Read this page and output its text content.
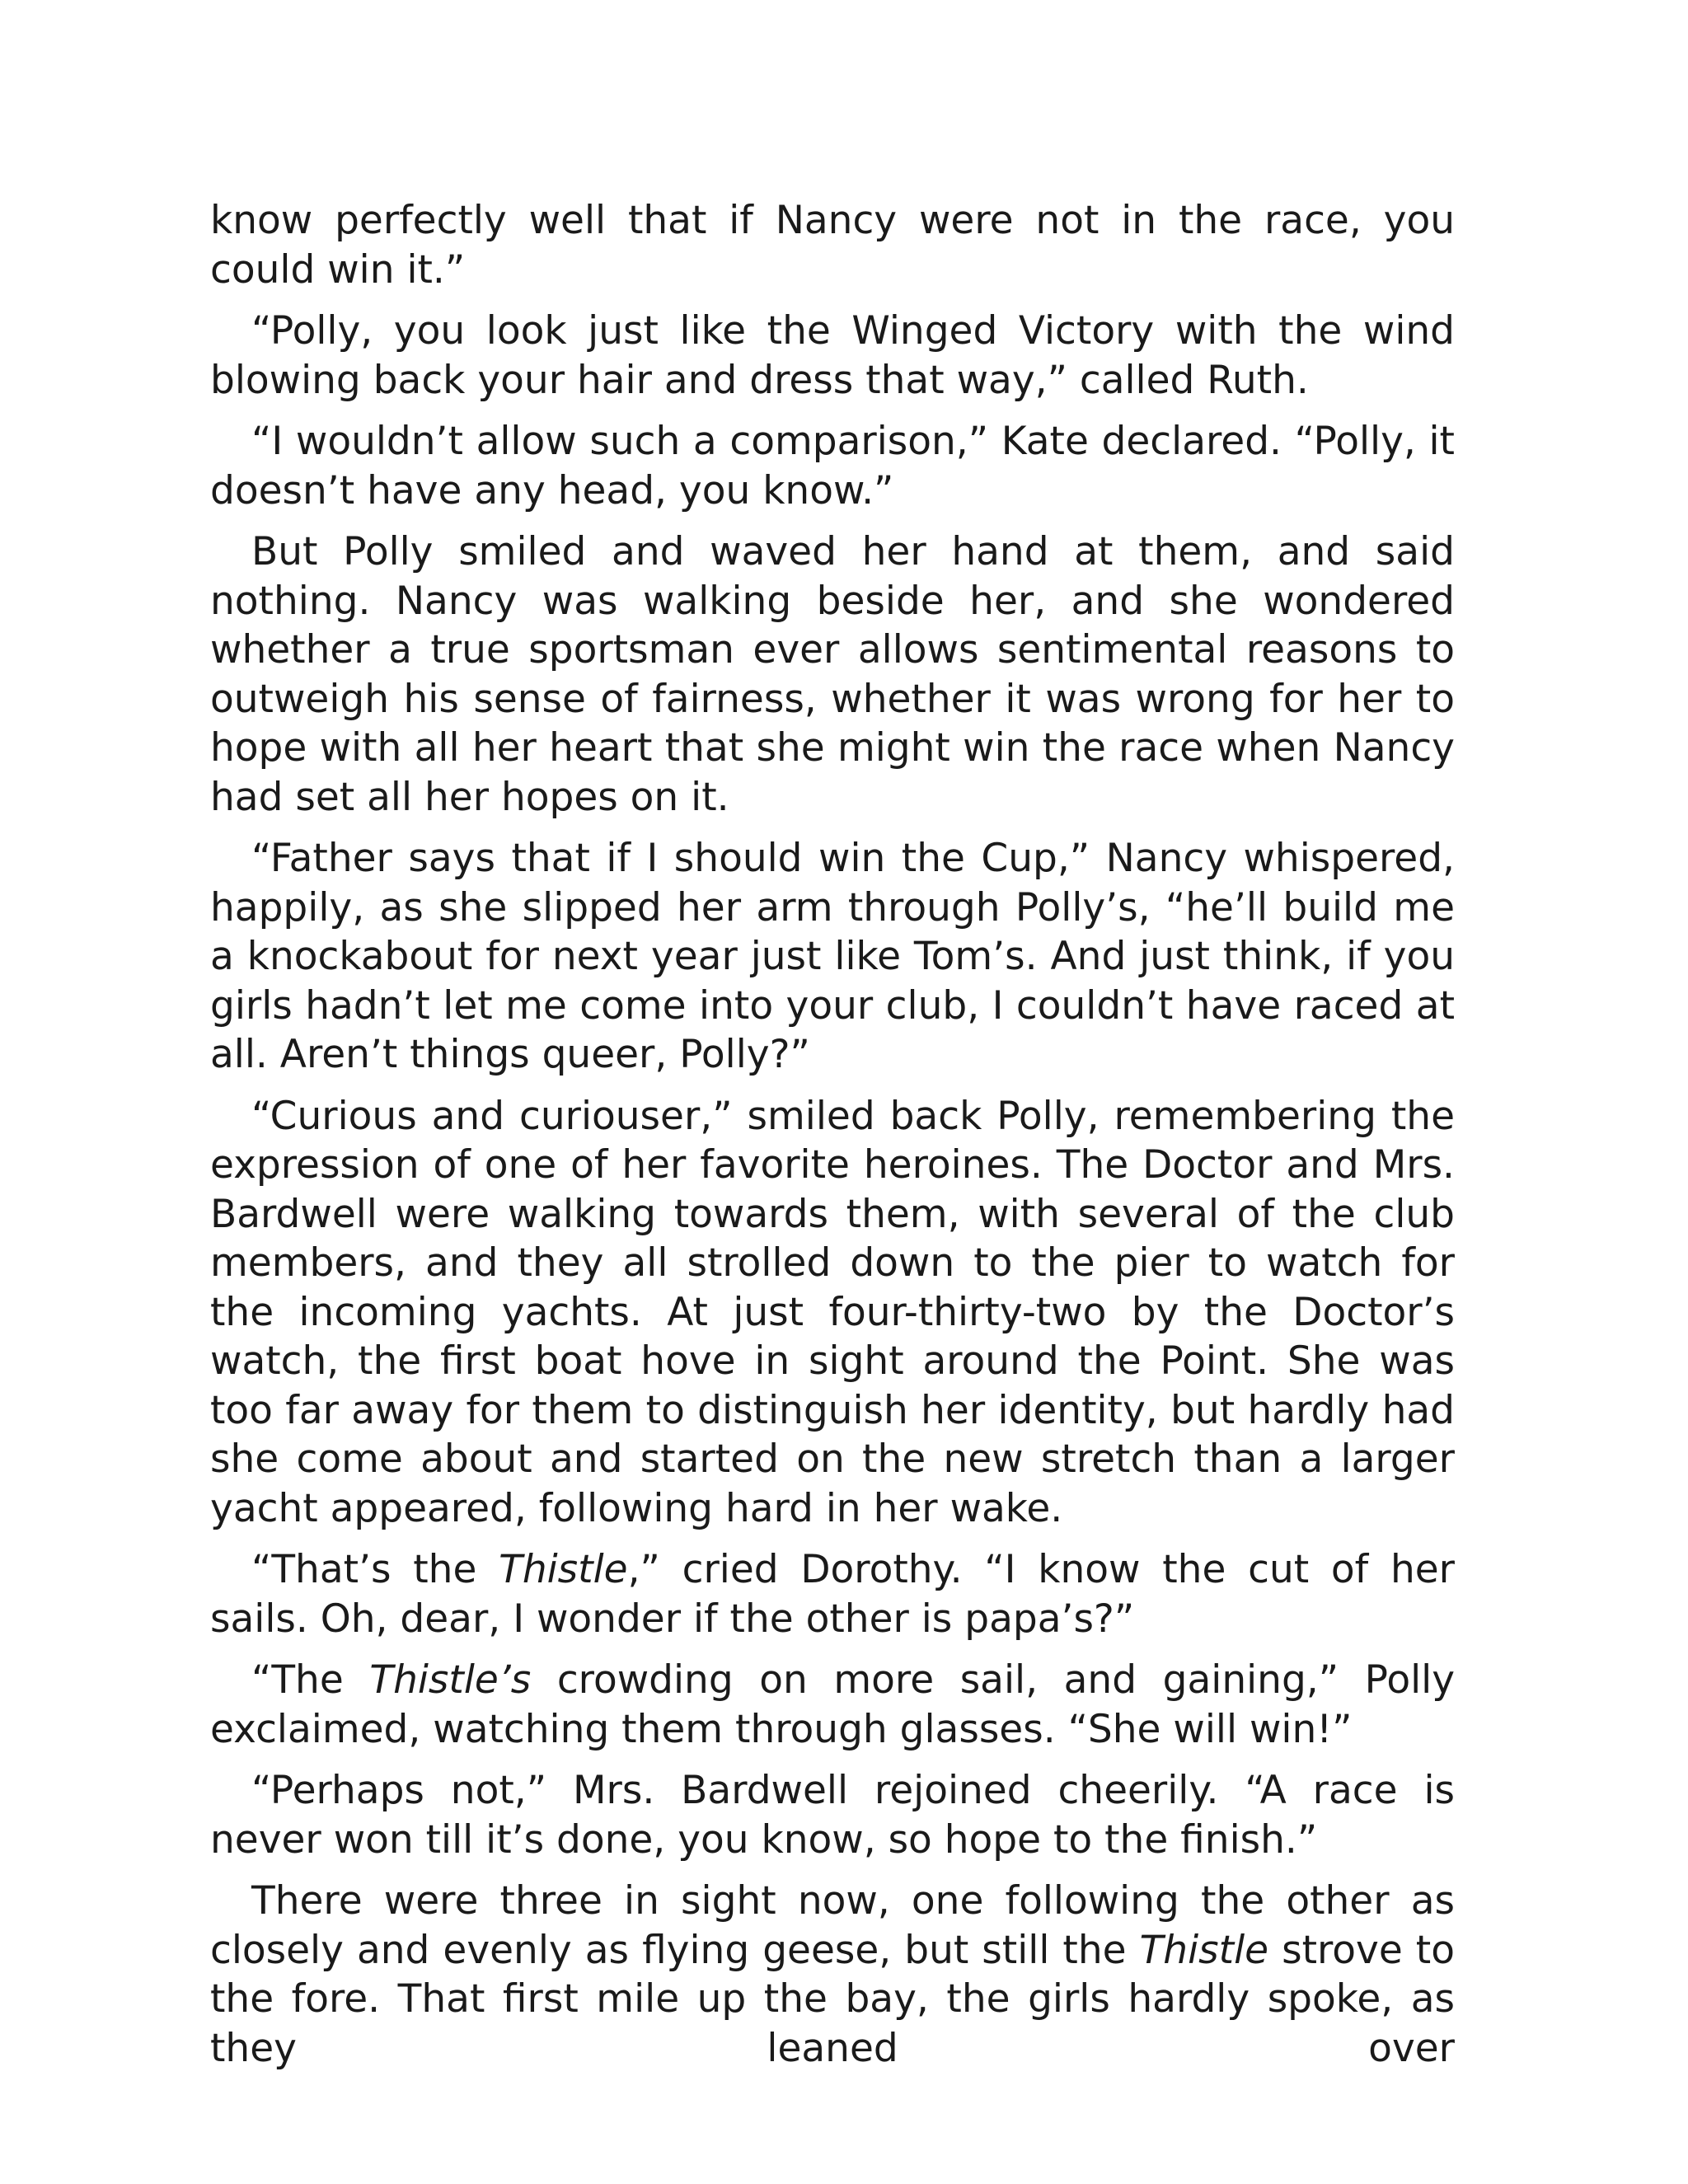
know perfectly well that if Nancy were not in the race, you could win it.”

“Polly, you look just like the Winged Victory with the wind blowing back your hair and dress that way,” called Ruth.

“I wouldn’t allow such a comparison,” Kate declared. “Polly, it doesn’t have any head, you know.”

But Polly smiled and waved her hand at them, and said nothing. Nancy was walking beside her, and she wondered whether a true sportsman ever allows sentimental reasons to outweigh his sense of fairness, whether it was wrong for her to hope with all her heart that she might win the race when Nancy had set all her hopes on it.

“Father says that if I should win the Cup,” Nancy whispered, happily, as she slipped her arm through Polly’s, “he’ll build me a knockabout for next year just like Tom’s. And just think, if you girls hadn’t let me come into your club, I couldn’t have raced at all. Aren’t things queer, Polly?”

“Curious and curiouser,” smiled back Polly, remembering the expression of one of her favorite heroines. The Doctor and Mrs. Bardwell were walking towards them, with several of the club members, and they all strolled down to the pier to watch for the incoming yachts. At just four-thirty-two by the Doctor’s watch, the first boat hove in sight around the Point. She was too far away for them to distinguish her identity, but hardly had she come about and started on the new stretch than a larger yacht appeared, following hard in her wake.

“That’s the Thistle,” cried Dorothy. “I know the cut of her sails. Oh, dear, I wonder if the other is papa’s?”

“The Thistle’s crowding on more sail, and gaining,” Polly exclaimed, watching them through glasses. “She will win!”

“Perhaps not,” Mrs. Bardwell rejoined cheerily. “A race is never won till it’s done, you know, so hope to the finish.”

There were three in sight now, one following the other as closely and evenly as flying geese, but still the Thistle strove to the fore. That first mile up the bay, the girls hardly spoke, as they leaned over
